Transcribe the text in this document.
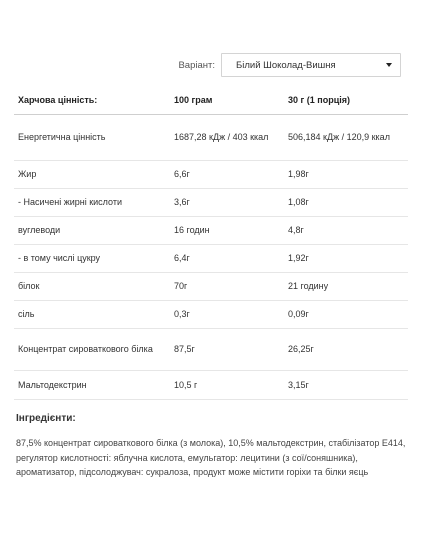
Варіант: Білий Шоколад-Вишня
Харчова цінність:	100 грам	30 г (1 порція)
Енергетична цінність	1687,28 кДж / 403 ккал	506,184 кДж / 120,9 ккал
Жир	6,6г	1,98г
- Насичені жирні кислоти	3,6г	1,08г
вуглеводи	16 годин	4,8г
- в тому числі цукру	6,4г	1,92г
білок	70г	21 годину
сіль	0,3г	0,09г
Концентрат сироваткового білка	87,5г	26,25г
Мальтодекстрин	10,5 г	3,15г
Інгредієнти:
87,5% концентрат сироваткового білка (з молока), 10,5% мальтодекстрин, стабілізатор E414, регулятор кислотності: яблучна кислота, емульгатор: лецитини (з сої/соняшника), ароматизатор, підсолоджувач: сукралоза, продукт може містити горіхи та білки яєць
